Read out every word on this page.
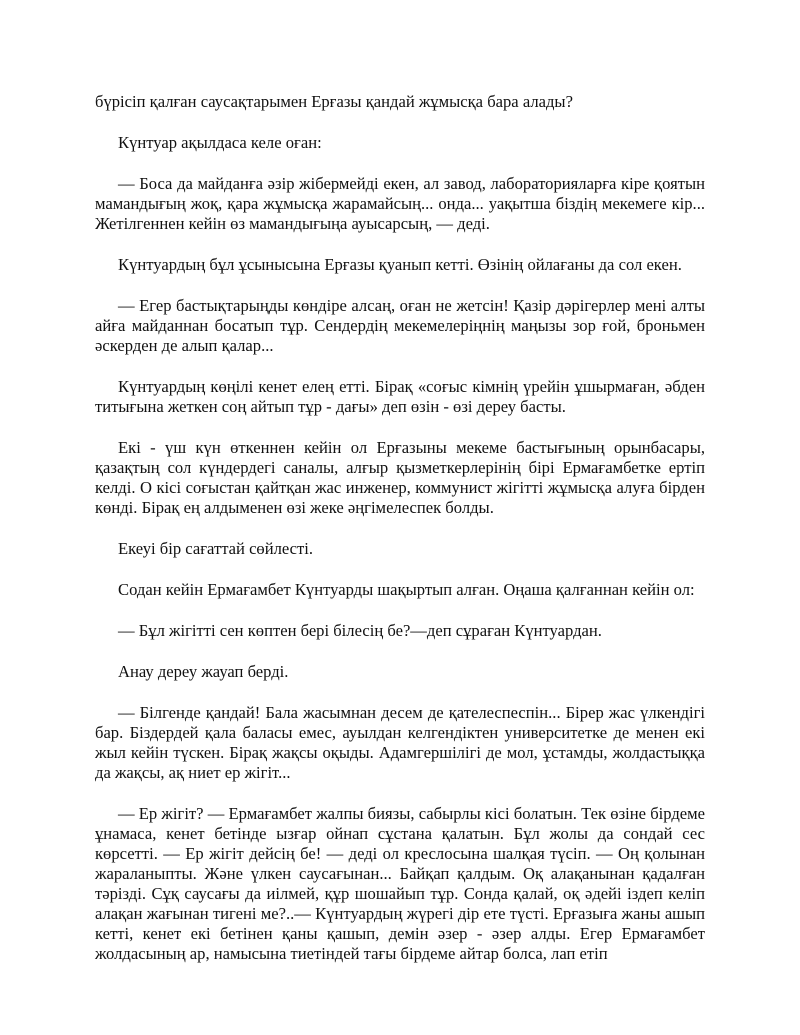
бүрісіп қалған саусақтарымен Ерғазы қандай жұмысқа бара алады?

Күнтуар ақылдаса келе оған:

— Боса да майданға әзір жібермейді екен, ал завод, лабораторияларға кіре қоятын мамандығың жоқ, қара жұмысқа жарамайсың... онда... уақытша біздің мекемеге кір... Жетілгеннен кейін өз мамандығыңа ауысарсың, — деді.

Күнтуардың бұл ұсынысына Ерғазы қуанып кетті. Өзінің ойлағаны да сол екен.

— Егер бастықтарыңды көндіре алсаң, оған не жетсін! Қазір дәрігерлер мені алты айға майданнан босатып тұр. Сендердің мекемелеріңнің маңызы зор ғой, броньмен әскерден де алып қалар...

Күнтуардың көңілі кенет елең етті. Бірақ «соғыс кімнің үрейін ұшырмаған, әбден титығына жеткен соң айтып тұр - дағы» деп өзін - өзі дереу басты.

Екі - үш күн өткеннен кейін ол Ерғазыны мекеме бастығының орынбасары, қазақтың сол күндердегі саналы, алғыр қызметкерлерінің бірі Ермағамбетке ертіп келді. О кісі соғыстан қайтқан жас инженер, коммунист жігітті жұмысқа алуға бірден көнді. Бірақ ең алдыменен өзі жеке әңгімелеспек болды.

Екеуі бір сағаттай сөйлесті.

Содан кейін Ермағамбет Күнтуарды шақыртып алған. Оңаша қалғаннан кейін ол:

— Бұл жігітті сен көптен бері білесің бе?—деп сұраған Күнтуардан.

Анау дереу жауап берді.

— Білгенде қандай! Бала жасымнан десем де қателеспеспін... Бірер жас үлкендігі бар. Біздердей қала баласы емес, ауылдан келгендіктен университетке де менен екі жыл кейін түскен. Бірақ жақсы оқыды. Адамгершілігі де мол, ұстамды, жолдастыққа да жақсы, ақ ниет ер жігіт...

— Ер жігіт? — Ермағамбет жалпы биязы, сабырлы кісі болатын. Тек өзіне бірдеме ұнамаса, кенет бетінде ызғар ойнап сұстана қалатын. Бұл жолы да сондай сес көрсетті. — Ер жігіт дейсің бе! — деді ол креслосына шалқая түсіп. — Оң қолынан жараланыпты. Және үлкен саусағынан... Байқап қалдым. Оқ алақанынан қадалған тәрізді. Сұқ саусағы да иілмей, құр шошайып тұр. Сонда қалай, оқ әдейі іздеп келіп алақан жағынан тигені ме?..— Күнтуардың жүрегі дір ете түсті. Ерғазыға жаны ашып кетті, кенет екі бетінен қаны қашып, демін әзер - әзер алды. Егер Ермағамбет жолдасының ар, намысына тиетіндей тағы бірдеме айтар болса, лап етіп
